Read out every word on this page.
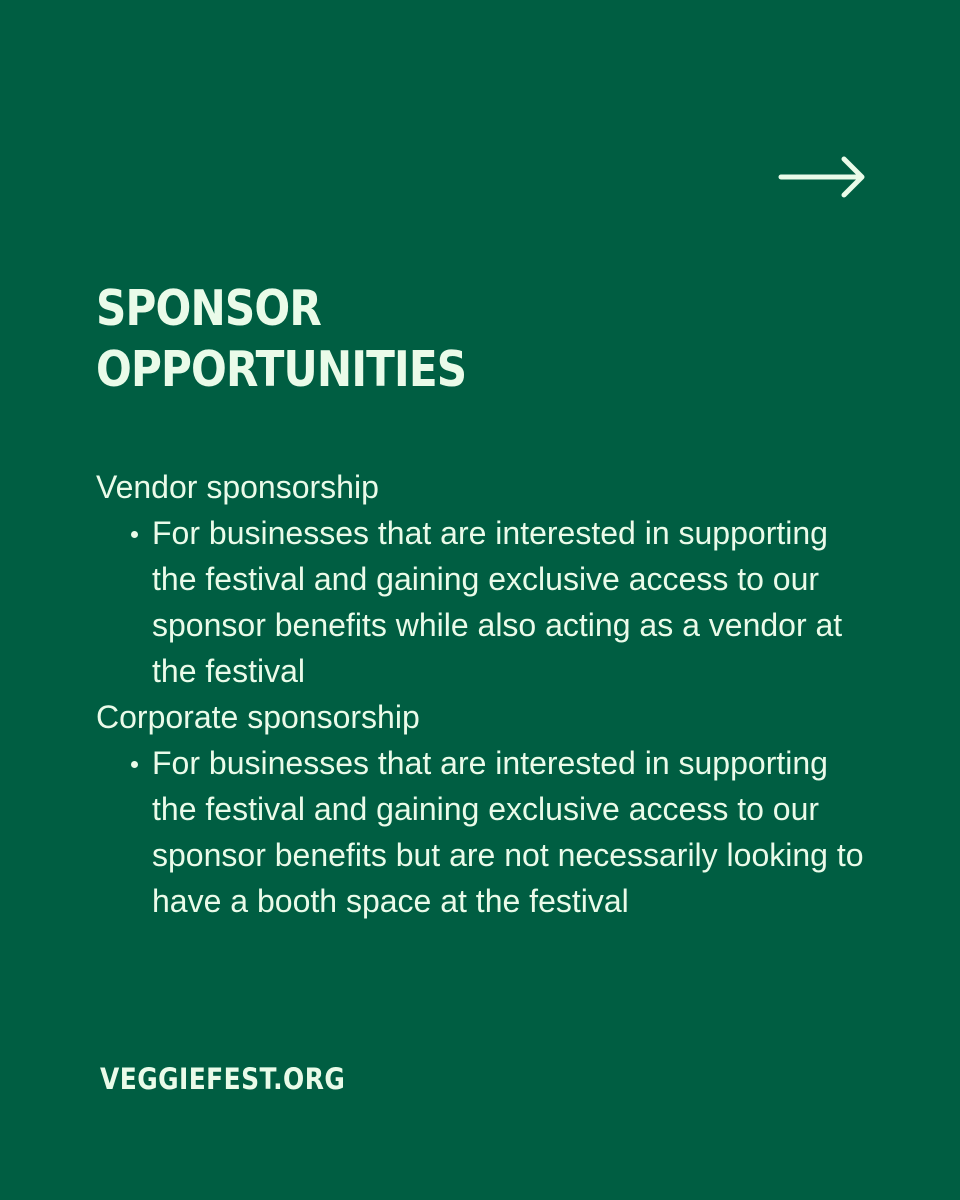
SPONSOR
OPPORTUNITIES

Vendor sponsorship

For businesses that are interested in supporting the festival and gaining exclusive access to our sponsor benefits while also acting as a vendor at the festival

Corporate sponsorship

For businesses that are interested in supporting the festival and gaining exclusive access to our sponsor benefits but are not necessarily looking to have a booth space at the festival
VEGGIEFEST.ORG
